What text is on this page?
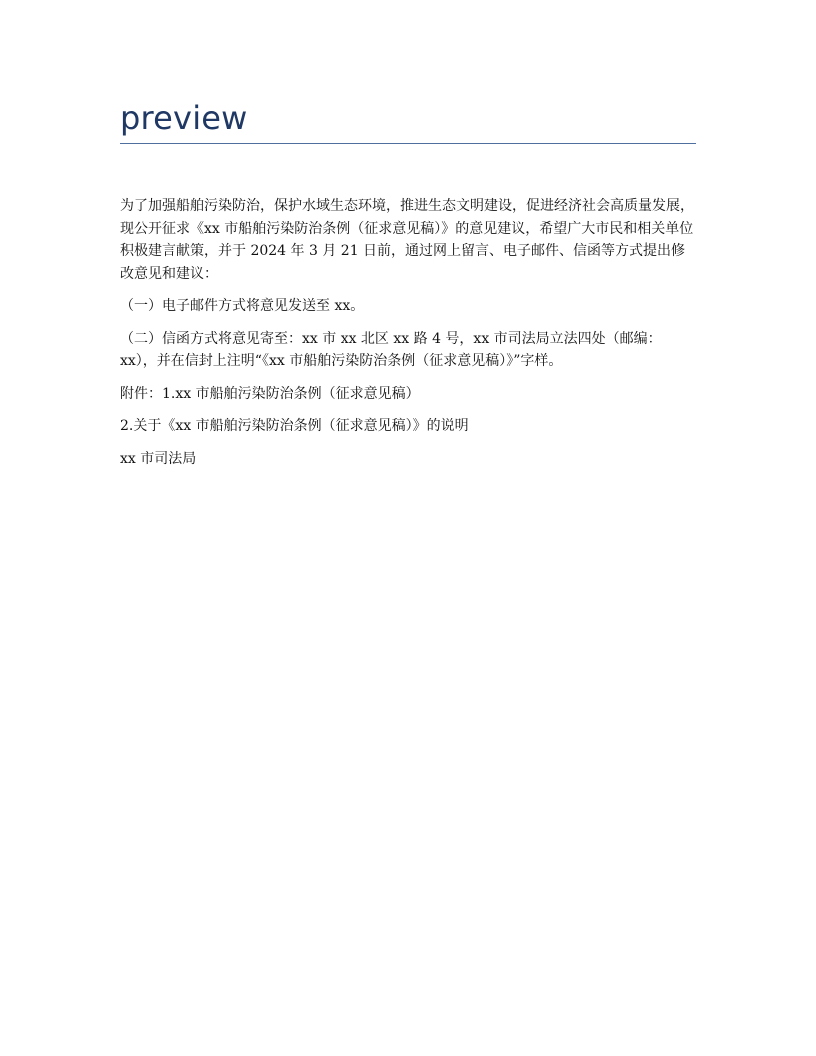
preview

为了加强船舶污染防治，保护水域生态环境，推进生态文明建设，促进经济社会高质量发展，现公开征求《xx 市船舶污染防治条例（征求意见稿）》的意见建议，希望广大市民和相关单位积极建言献策，并于 2024 年 3 月 21 日前，通过网上留言、电子邮件、信函等方式提出修改意见和建议：

（一）电子邮件方式将意见发送至 xx。

（二）信函方式将意见寄至：xx 市 xx 北区 xx 路 4 号，xx 市司法局立法四处（邮编：xx），并在信封上注明“《xx 市船舶污染防治条例（征求意见稿）》”字样。

附件：1.xx 市船舶污染防治条例（征求意见稿）

2.关于《xx 市船舶污染防治条例（征求意见稿）》的说明

xx 市司法局
